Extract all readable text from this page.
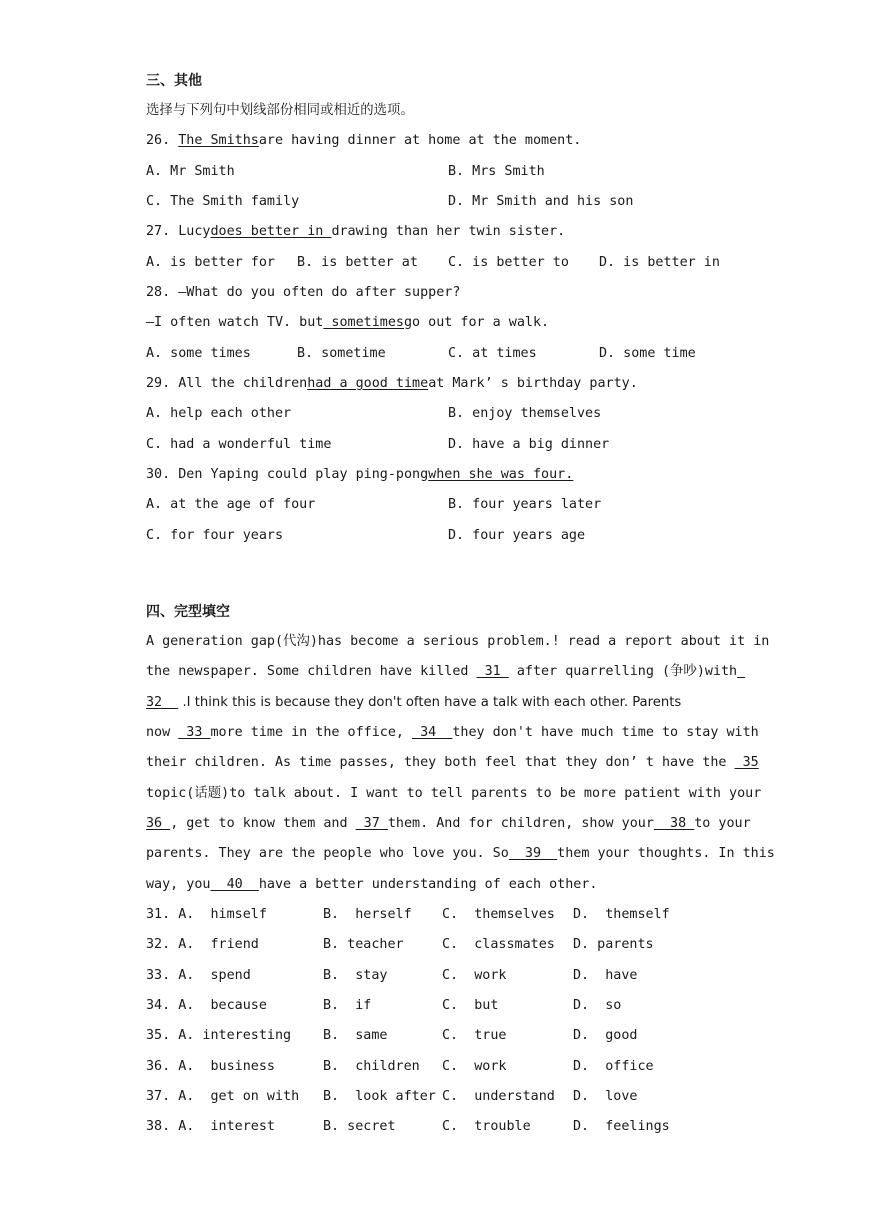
三、其他
选择与下列句中划线部份相同或相近的选项。
26. The Smithsare having dinner at home at the moment.
A. Mr Smith	B. Mrs Smith
C. The Smith family	D. Mr Smith and his son
27. Lucydoes better in drawing than her twin sister.
A. is better for B. is better at C. is better to D. is better in
28. —What do you often do after supper?
—I often watch TV. but sometimesgo out for a walk.
A. some times	B. sometime	C. at times	D. some time
29. All the childrenhad a good timeat Mark’ s birthday party.
A. help each other	B. enjoy themselves
C. had a wonderful time	D. have a big dinner
30. Den Yaping could play ping-pongwhen she was four.
A. at the age of four	B. four years later
C. for four years	D. four years age
四、完型填空
A generation gap(代沟)has become a serious problem.! read a report about it in
the newspaper. Some children have killed  31  after quarrelling (争吵)with
32   .I think this is because they don't often have a talk with each other. Parents
now  33 more time in the office,  34  they don't have much time to stay with
their children. As time passes, they both feel that they don’ t have the  35
topic(话题)to talk about. I want to tell parents to be more patient with your
36 , get to know them and  37 them. And for children, show your  38 to your
parents. They are the people who love you. So  39  them your thoughts. In this
way, you  40  have a better understanding of each other.
31. A.  himself	B.  herself C.  themselves D.  themself
32. A.  friend	B. teacher	C.  classmates D. parents
33. A.  spend	B.  stay	C.  work	D.  have
34. A.  because	B.  if	C.  but	D.  so
35. A. interesting B.  same	C.  true	D.  good
36. A.  business	B.  children C.  work	D.  office
37. A.  get on with B.  look after C.  understand D.  love
38. A.  interest	B. secret	C.  trouble	D.  feelings
